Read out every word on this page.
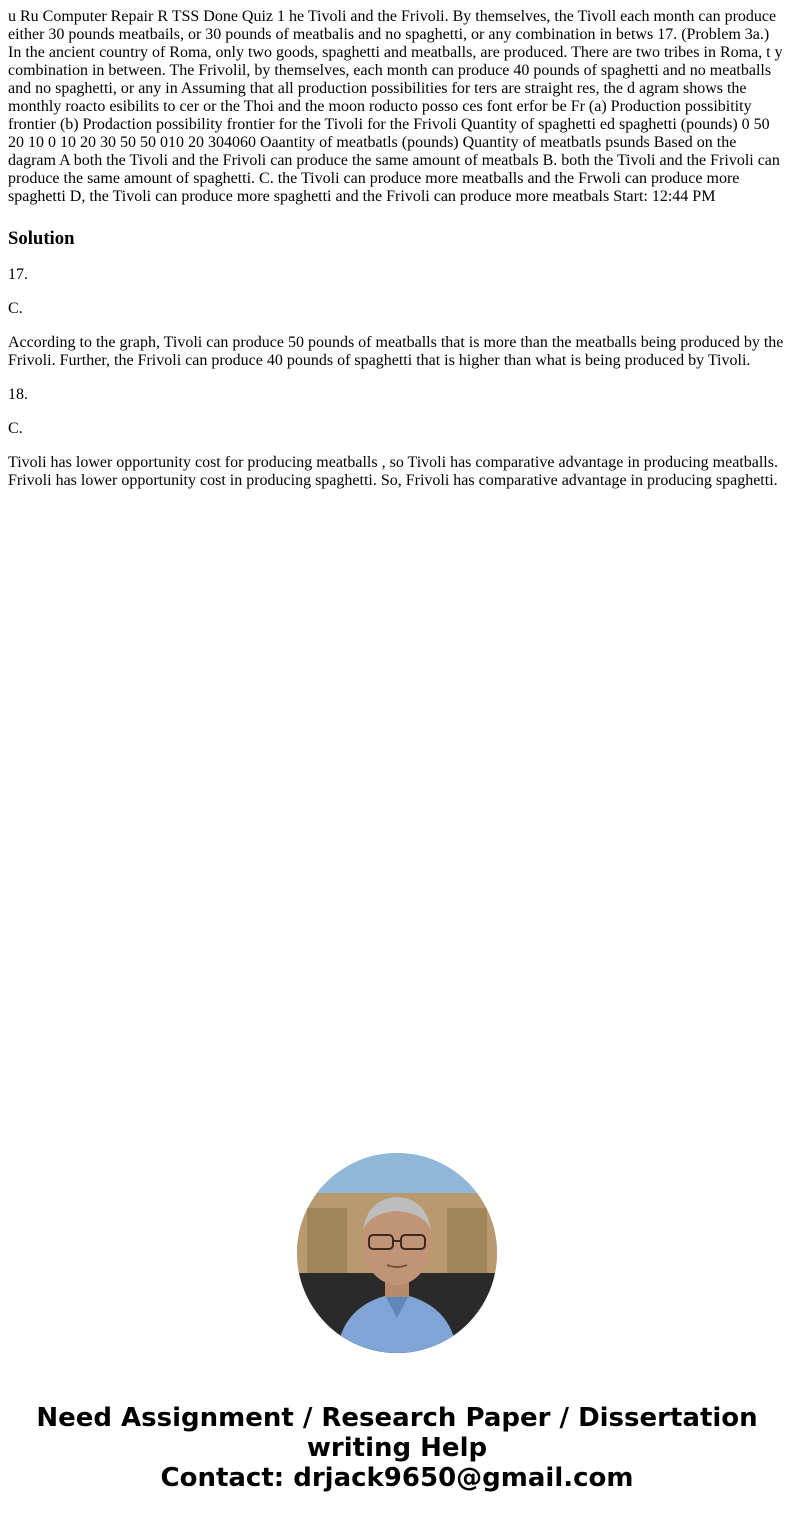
u Ru Computer Repair R TSS Done Quiz 1 he Tivoli and the Frivoli. By themselves, the Tivoll each month can produce either 30 pounds meatbails, or 30 pounds of meatbalis and no spaghetti, or any combination in betws 17. (Problem 3a.) In the ancient country of Roma, only two goods, spaghetti and meatballs, are produced. There are two tribes in Roma, t y combination in between. The Frivolil, by themselves, each month can produce 40 pounds of spaghetti and no meatballs and no spaghetti, or any in Assuming that all production possibilities for ters are straight res, the d agram shows the monthly roacto esibilits to cer or the Thoi and the moon roducto posso ces font erfor be Fr (a) Production possibitity frontier (b) Prodaction possibility frontier for the Tivoli for the Frivoli Quantity of spaghetti ed spaghetti (pounds) 0 50 20 10 0 10 20 30 50 50 010 20 304060 Oaantity of meatbatls (pounds) Quantity of meatbatls psunds Based on the dagram A both the Tivoli and the Frivoli can produce the same amount of meatbals B. both the Tivoli and the Frivoli can produce the same amount of spaghetti. C. the Tivoli can produce more meatballs and the Frwoli can produce more spaghetti D, the Tivoli can produce more spaghetti and the Frivoli can produce more meatbals Start: 12:44 PM

Solution

17.

C.

According to the graph, Tivoli can produce 50 pounds of meatballs that is more than the meatballs being produced by the Frivoli. Further, the Frivoli can produce 40 pounds of spaghetti that is higher than what is being produced by Tivoli.

18.

C.

Tivoli has lower opportunity cost for producing meatballs , so Tivoli has comparative advantage in producing meatballs. Frivoli has lower opportunity cost in producing spaghetti. So, Frivoli has comparative advantage in producing spaghetti.

Need Assignment / Research Paper / Dissertation
writing Help
Contact: drjack9650@gmail.com
